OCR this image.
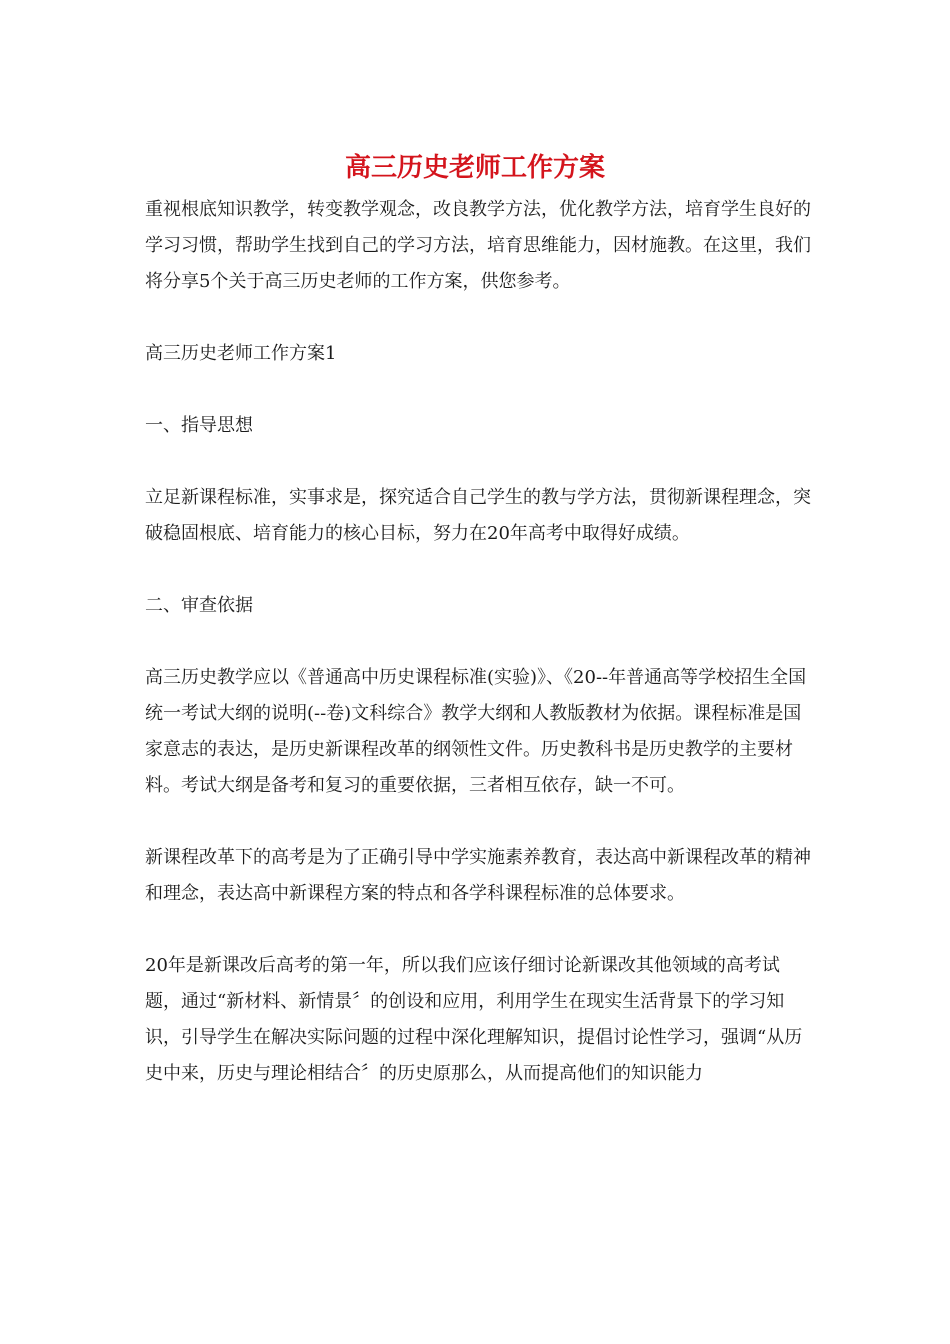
高三历史老师工作方案

重视根底知识教学，转变教学观念，改良教学方法，优化教学方法，培育学生良好的学习习惯，帮助学生找到自己的学习方法，培育思维能力，因材施教。在这里，我们将分享5个关于高三历史老师的工作方案，供您参考。

高三历史老师工作方案1

一、指导思想

立足新课程标准，实事求是，探究适合自己学生的教与学方法，贯彻新课程理念，突破稳固根底、培育能力的核心目标，努力在20年高考中取得好成绩。

二、审查依据

高三历史教学应以《普通高中历史课程标准(实验)》、《20--年普通高等学校招生全国统一考试大纲的说明(--卷)文科综合》教学大纲和人教版教材为依据。课程标准是国家意志的表达，是历史新课程改革的纲领性文件。历史教科书是历史教学的主要材料。考试大纲是备考和复习的重要依据，三者相互依存，缺一不可。

新课程改革下的高考是为了正确引导中学实施素养教育，表达高中新课程改革的精神和理念，表达高中新课程方案的特点和各学科课程标准的总体要求。

20年是新课改后高考的第一年，所以我们应该仔细讨论新课改其他领域的高考试题，通过“新材料、新情景〞的创设和应用，利用学生在现实生活背景下的学习知识，引导学生在解决实际问题的过程中深化理解知识，提倡讨论性学习，强调“从历史中来，历史与理论相结合〞的历史原那么，从而提高他们的知识能力
